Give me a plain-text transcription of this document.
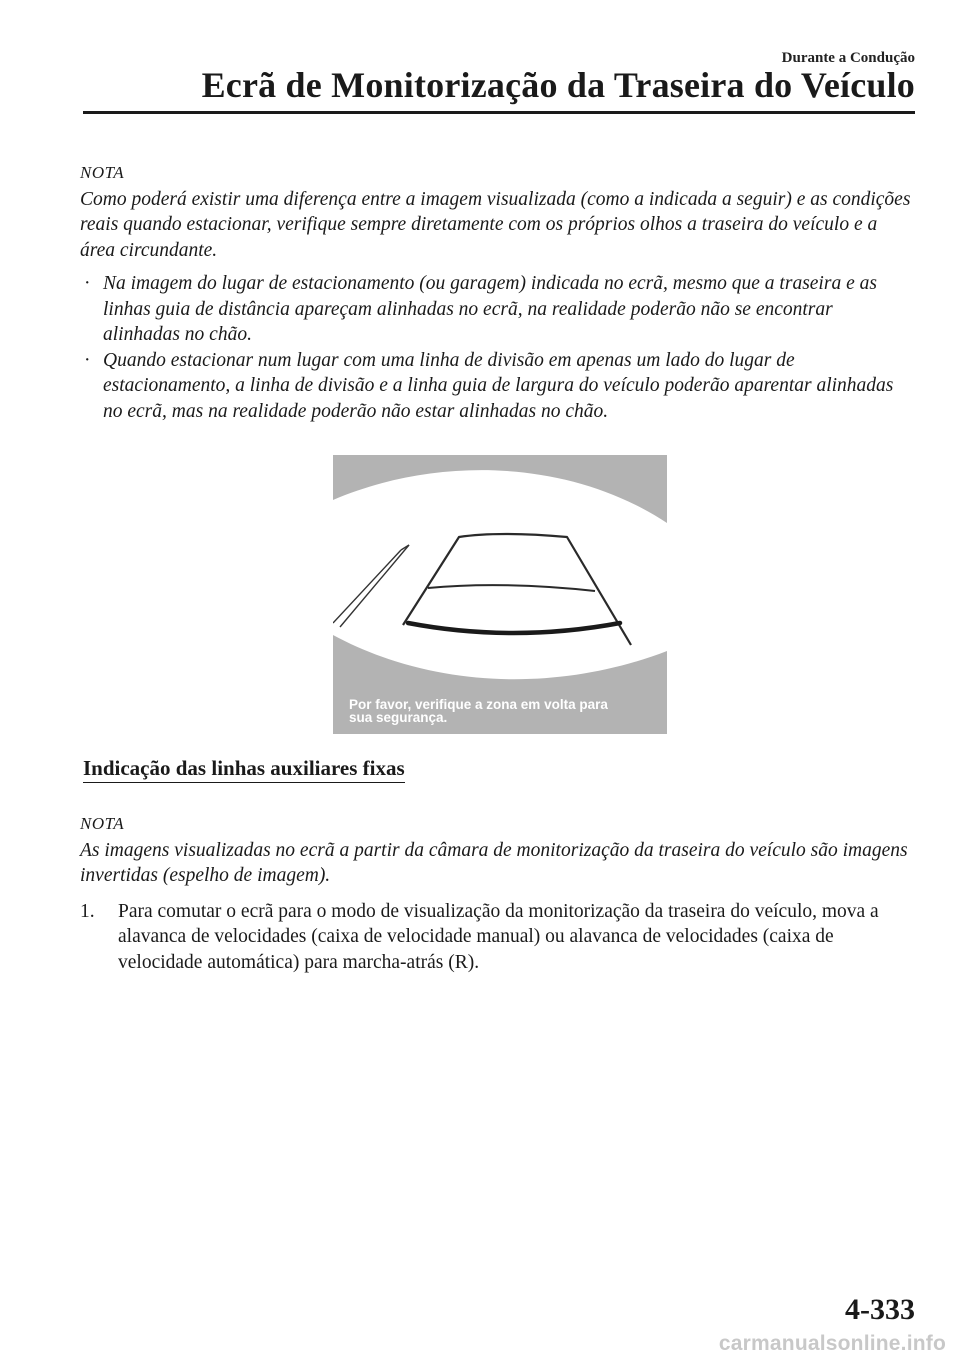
Durante a Condução
Ecrã de Monitorização da Traseira do Veículo
NOTA

Como poderá existir uma diferença entre a imagem visualizada (como a indicada a seguir) e as condições reais quando estacionar, verifique sempre diretamente com os próprios olhos a traseira do veículo e a área circundante.

· Na imagem do lugar de estacionamento (ou garagem) indicada no ecrã, mesmo que a traseira e as linhas guia de distância apareçam alinhadas no ecrã, na realidade poderão não se encontrar alinhadas no chão.
· Quando estacionar num lugar com uma linha de divisão em apenas um lado do lugar de estacionamento, a linha de divisão e a linha guia de largura do veículo poderão aparentar alinhadas no ecrã, mas na realidade poderão não estar alinhadas no chão.
Por favor, verifique a zona em volta para
sua segurança.
Indicação das linhas auxiliares fixas
NOTA

As imagens visualizadas no ecrã a partir da câmara de monitorização da traseira do veículo são imagens invertidas (espelho de imagem).

1. Para comutar o ecrã para o modo de visualização da monitorização da traseira do veículo, mova a alavanca de velocidades (caixa de velocidade manual) ou alavanca de velocidades (caixa de velocidade automática) para marcha-atrás (R).
4-333
carmanualsonline.info
